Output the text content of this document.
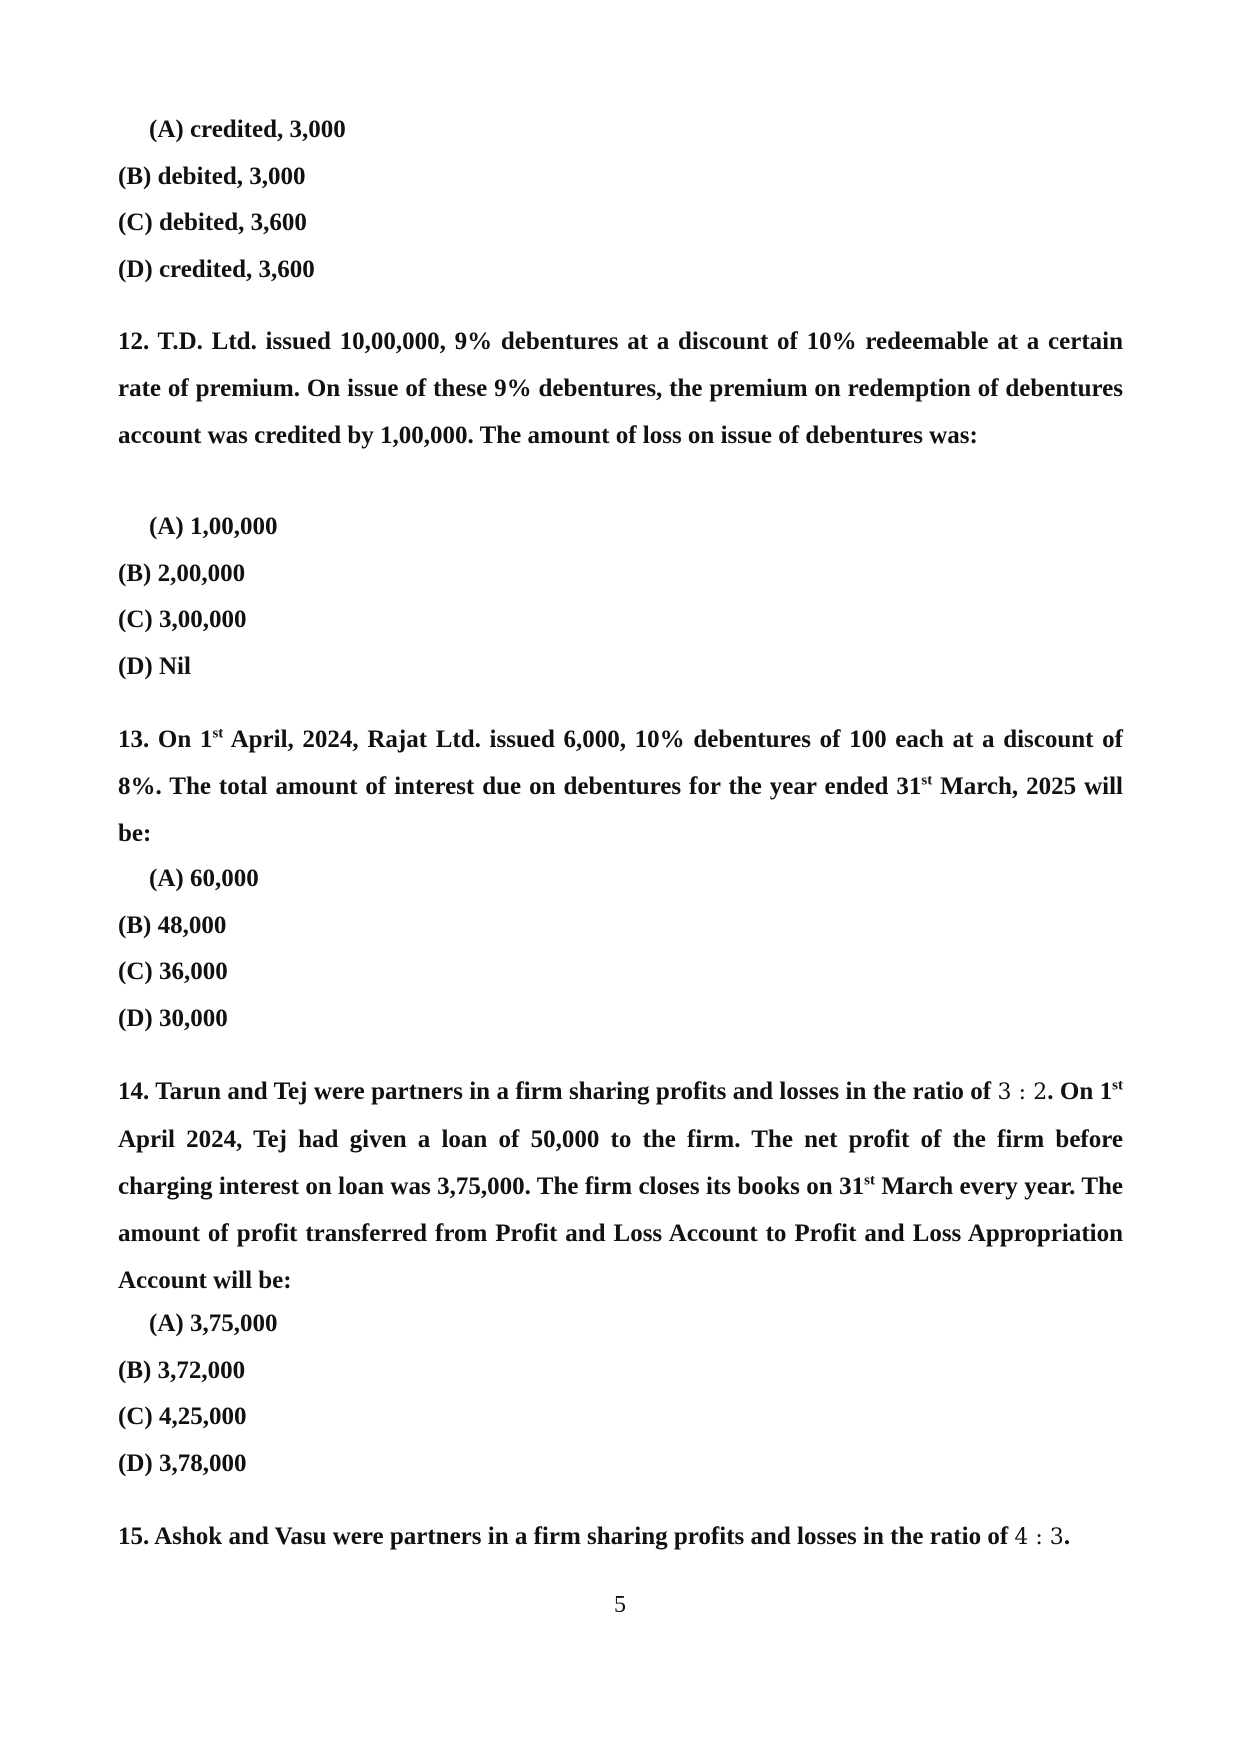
(A) credited, 3,000
(B) debited, 3,000
(C) debited, 3,600
(D) credited, 3,600
12. T.D. Ltd. issued 10,00,000, 9% debentures at a discount of 10% redeemable at a certain rate of premium. On issue of these 9% debentures, the premium on redemption of debentures account was credited by 1,00,000. The amount of loss on issue of debentures was:
(A) 1,00,000
(B) 2,00,000
(C) 3,00,000
(D) Nil
13. On 1st April, 2024, Rajat Ltd. issued 6,000, 10% debentures of 100 each at a discount of 8%. The total amount of interest due on debentures for the year ended 31st March, 2025 will be:
(A) 60,000
(B) 48,000
(C) 36,000
(D) 30,000
14. Tarun and Tej were partners in a firm sharing profits and losses in the ratio of 3 : 2. On 1st April 2024, Tej had given a loan of 50,000 to the firm. The net profit of the firm before charging interest on loan was 3,75,000. The firm closes its books on 31st March every year. The amount of profit transferred from Profit and Loss Account to Profit and Loss Appropriation Account will be:
(A) 3,75,000
(B) 3,72,000
(C) 4,25,000
(D) 3,78,000
15. Ashok and Vasu were partners in a firm sharing profits and losses in the ratio of 4 : 3.
5
